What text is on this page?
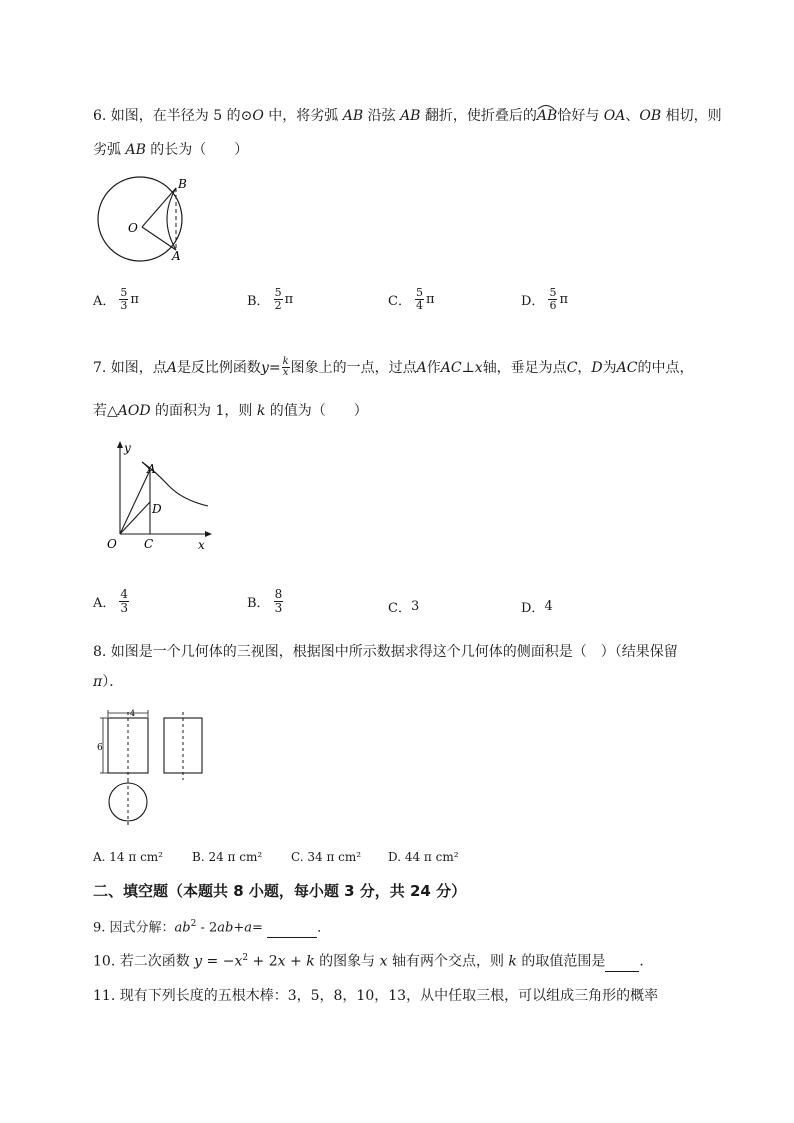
6. 如图，在半径为 5 的⊙O 中，将劣弧 AB 沿弦 AB 翻折，使折叠后的
AB恰好与 OA、OB 相切，则
劣弧 AB 的长为（　　）
B
O
A
A． $\frac{5}{3}$ π	B． $\frac{5}{2}$ π	C． $\frac{5}{4}$ π	D． $\frac{5}{6}$ π
7. 如图，点 A 是反比例函数 $y = \frac{k}{x}$ 图象上的一点，过点 A 作 AC ⊥ x 轴，垂足为点 C ， D 为 AC 的中点，
若△AOD 的面积为 1，则 k 的值为（　　）
y
x
O C
A
D
A． $\frac{4}{3}$	B． $\frac{8}{3}$	C． 3	D． 4
8. 如图是一个几何体的三视图，根据图中所示数据求得这个几何体的侧面积是（　）（结果保留
π）．
4
6
A. 14 π cm² B. 24 π cm² C. 34 π cm² D. 44 π cm²
二、填空题（本题共 8 小题，每小题 3 分，共 24 分）
9. 因式分解：$ab^2 - 2ab+a=$	．
10. 若二次函数 $y = -x^2 + 2x + k$ 的图象与 x 轴有两个交点，则 k 的取值范围是 ．
11. 现有下列长度的五根木棒：3，5，8，10，13，从中任取三根，可以组成三角形的概率
